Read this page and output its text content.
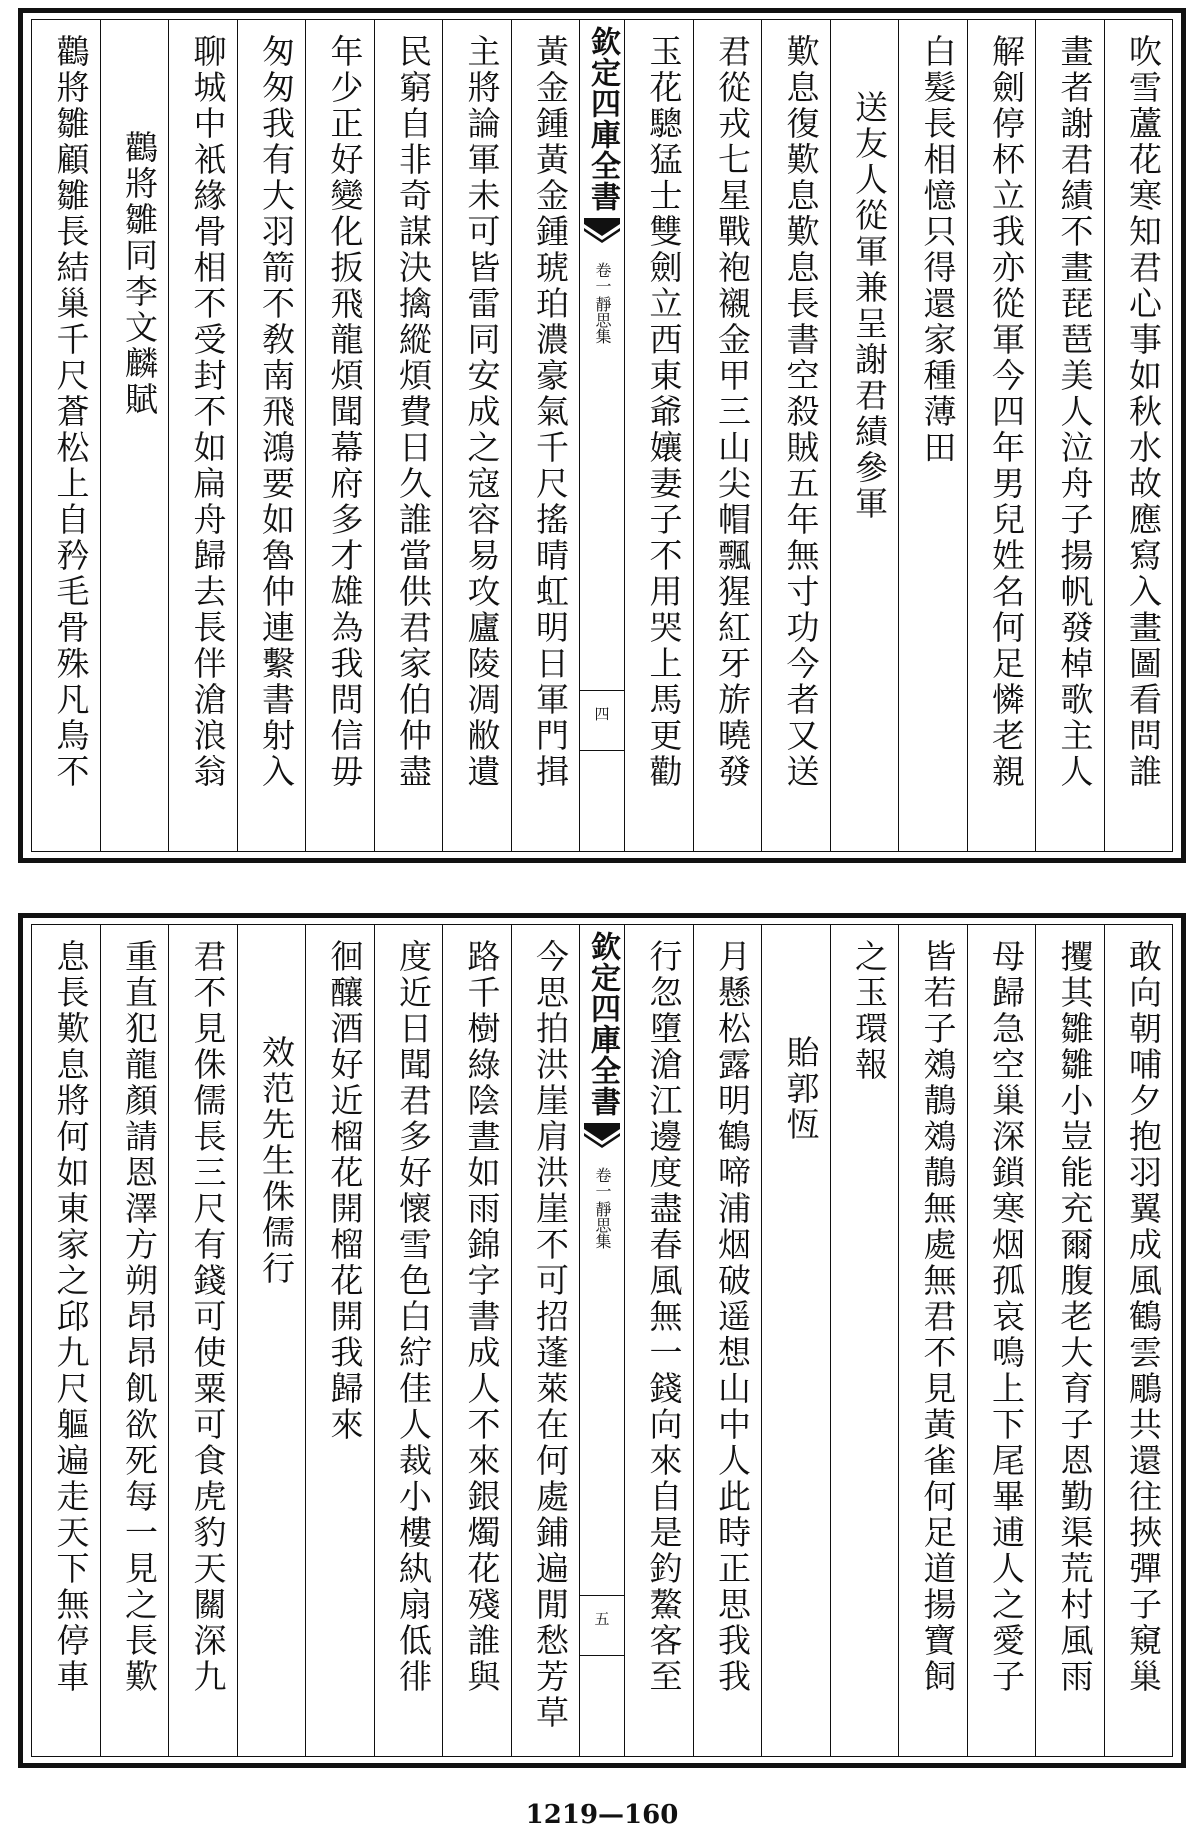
吹雪蘆花寒知君心事如秋水故應寫入畫圖看問誰
畫者謝君績不畫琵琶美人泣舟子揚帆發棹歌主人
解劍停杯立我亦從軍今四年男兒姓名何足憐老親
白髮長相憶只得還家種薄田
送友人從軍兼呈謝君績參軍
歎息復歎息歎息長書空殺賊五年無寸功今者又送
君從戎七星戰袍襯金甲三山尖帽飄猩紅牙旂曉發
玉花驄猛士雙劍立西東爺孃妻子不用哭上馬更勸
欽定四庫全書
靜思集
卷一
四
黃金鍾黃金鍾琥珀濃豪氣千尺搖晴虹明日軍門揖
主將論軍未可皆雷同安成之寇容易攻廬陵凋敝遺
民窮自非奇謀決擒縱煩費日久誰當供君家伯仲盡
年少正好變化扳飛龍煩聞幕府多才雄為我問信毋
匆匆我有大羽箭不敎南飛鴻要如魯仲連繫書射入
聊城中衹緣骨相不受封不如扁舟歸去長伴滄浪翁
鸛將雛同李文麟賦
鸛將雛顧雛長結巢千尺蒼松上自矜毛骨殊凡鳥不
敢向朝哺夕抱羽翼成風鶴雲鵰共還往挾彈子窺巢
攫其雛雛小豈能充爾腹老大育子恩勤渠荒村風雨
母歸急空巢深鎖寒烟孤哀鳴上下尾畢逋人之愛子
皆若子鵁鶄鵁鶄無處無君不見黃雀何足道揚寶飼
之玉環報
貽郭恆
月懸松露明鶴啼浦烟破遥想山中人此時正思我我
行忽墮滄江邊度盡春風無一錢向來自是釣鰲客至
欽定四庫全書
靜思集
卷一
五
今思拍洪崖肩洪崖不可招蓬萊在何處鋪遍閒愁芳草
路千樹綠陰晝如雨錦字書成人不來銀燭花殘誰與
度近日聞君多好懷雪色白紵佳人裁小樓紈扇低徘
徊釀酒好近榴花開榴花開我歸來
效范先生侏儒行
君不見侏儒長三尺有錢可使粟可食虎豹天關深九
重直犯龍顏請恩澤方朔昂昂飢欲死每一見之長歎
息長歎息將何如東家之邱九尺軀遍走天下無停車
1219—160
